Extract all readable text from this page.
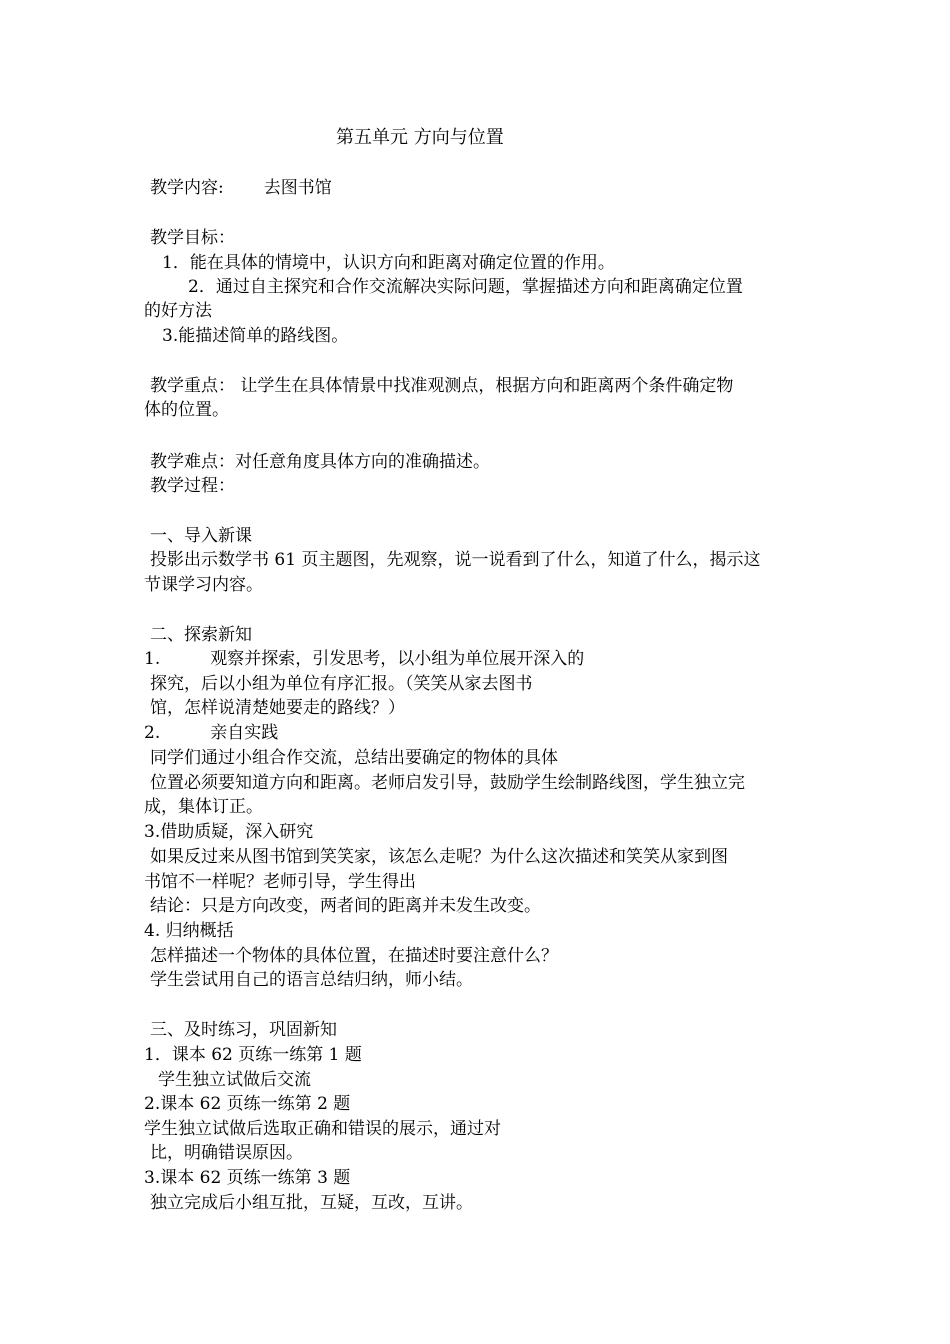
第五单元 方向与位置
教学内容: 去图书馆
教学目标：
1．能在具体的情境中，认识方向和距离对确定位置的作用。
2．通过自主探究和合作交流解决实际问题，掌握描述方向和距离确定位置
的好方法
3.能描述简单的路线图。
教学重点： 让学生在具体情景中找准观测点，根据方向和距离两个条件确定物
体的位置。
教学难点：对任意角度具体方向的准确描述。
教学过程：
一、导入新课
投影出示数学书 61 页主题图，先观察，说一说看到了什么，知道了什么，揭示这
节课学习内容。
二、探索新知
1.	观察并探索，引发思考，以小组为单位展开深入的
探究，后以小组为单位有序汇报。（笑笑从家去图书
馆，怎样说清楚她要走的路线？）
2.	亲自实践
同学们通过小组合作交流，总结出要确定的物体的具体
位置必须要知道方向和距离。老师启发引导，鼓励学生绘制路线图，学生独立完
成，集体订正。
3.借助质疑，深入研究
如果反过来从图书馆到笑笑家，该怎么走呢？为什么这次描述和笑笑从家到图
书馆不一样呢？老师引导，学生得出
结论：只是方向改变，两者间的距离并未发生改变。
4. 归纳概括
怎样描述一个物体的具体位置，在描述时要注意什么？
学生尝试用自己的语言总结归纳，师小结。
三、及时练习，巩固新知
1．课本 62 页练一练第 1 题
学生独立试做后交流
2.课本 62 页练一练第 2 题
学生独立试做后选取正确和错误的展示，通过对
比，明确错误原因。
3.课本 62 页练一练第 3 题
独立完成后小组互批，互疑，互改，互讲。
